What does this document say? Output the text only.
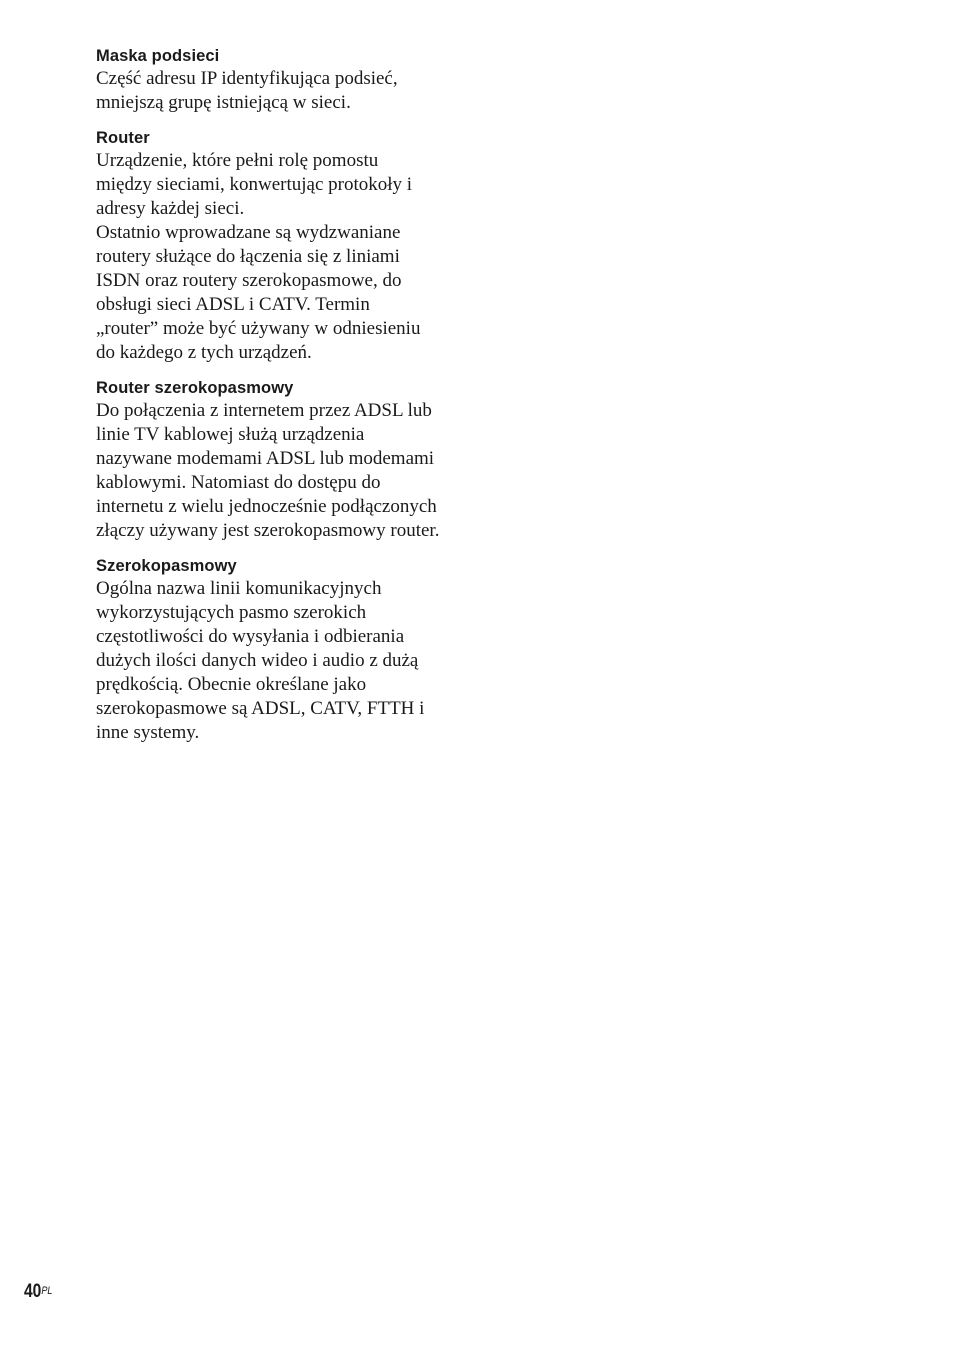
Maska podsieci

Część adresu IP identyfikująca podsieć,
mniejszą grupę istniejącą w sieci.

Router

Urządzenie, które pełni rolę pomostu
między sieciami, konwertując protokoły i
adresy każdej sieci.
Ostatnio wprowadzane są wydzwaniane
routery służące do łączenia się z liniami
ISDN oraz routery szerokopasmowe, do
obsługi sieci ADSL i CATV. Termin
„router” może być używany w odniesieniu
do każdego z tych urządzeń.

Router szerokopasmowy

Do połączenia z internetem przez ADSL lub
linie TV kablowej służą urządzenia
nazywane modemami ADSL lub modemami
kablowymi. Natomiast do dostępu do
internetu z wielu jednocześnie podłączonych
złączy używany jest szerokopasmowy router.

Szerokopasmowy

Ogólna nazwa linii komunikacyjnych
wykorzystujących pasmo szerokich
częstotliwości do wysyłania i odbierania
dużych ilości danych wideo i audio z dużą
prędkością. Obecnie określane jako
szerokopasmowe są ADSL, CATV, FTTH i
inne systemy.

$40^{PL}$
